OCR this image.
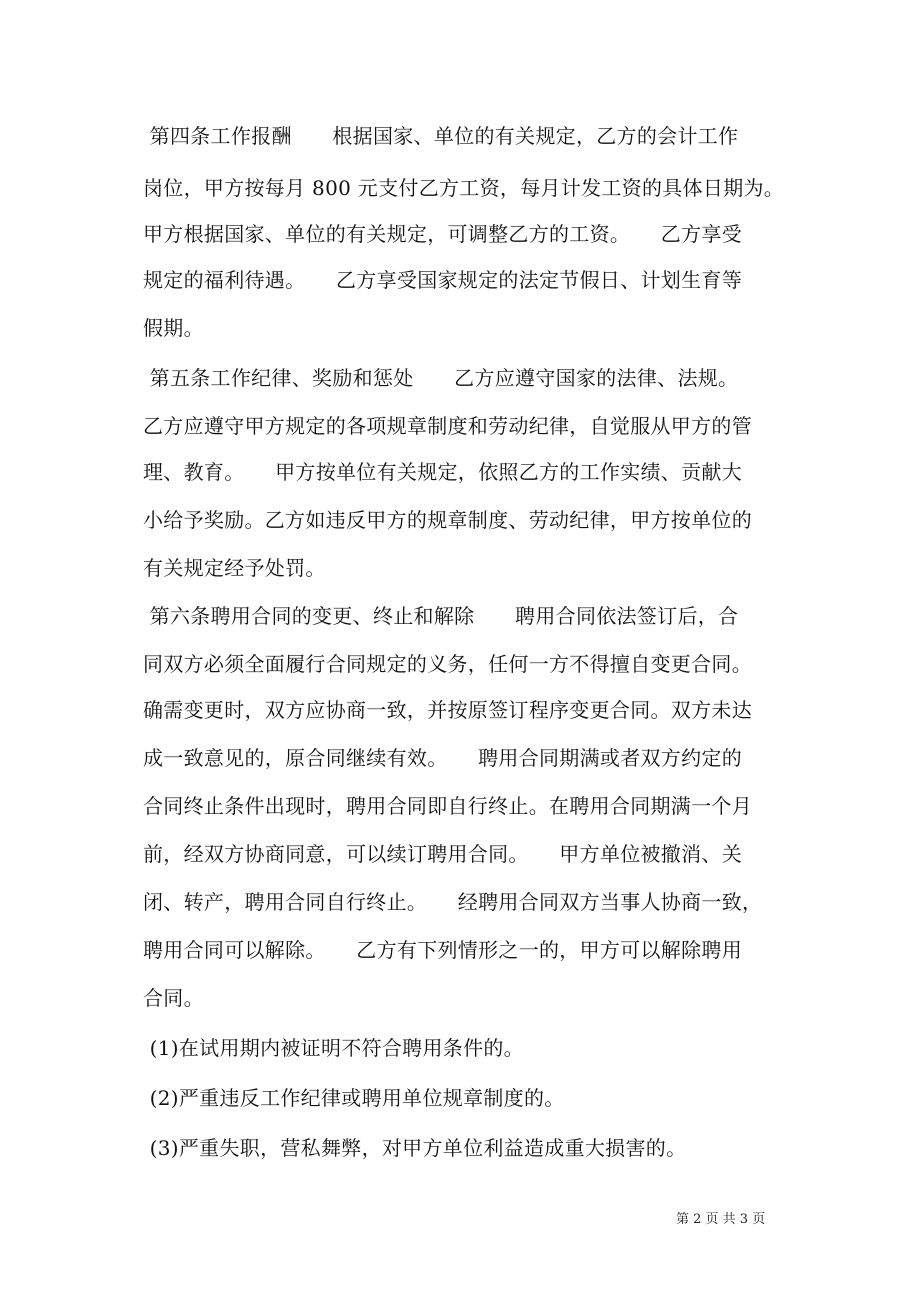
第四条工作报酬　　根据国家、单位的有关规定，乙方的会计工作
岗位，甲方按每月 800 元支付乙方工资，每月计发工资的具体日期为。
甲方根据国家、单位的有关规定，可调整乙方的工资。　　乙方享受
规定的福利待遇。　　乙方享受国家规定的法定节假日、计划生育等
假期。
第五条工作纪律、奖励和惩处　　乙方应遵守国家的法律、法规。
乙方应遵守甲方规定的各项规章制度和劳动纪律，自觉服从甲方的管
理、教育。　　甲方按单位有关规定，依照乙方的工作实绩、贡献大
小给予奖励。乙方如违反甲方的规章制度、劳动纪律，甲方按单位的
有关规定经予处罚。
第六条聘用合同的变更、终止和解除　　聘用合同依法签订后，合
同双方必须全面履行合同规定的义务，任何一方不得擅自变更合同。
确需变更时，双方应协商一致，并按原签订程序变更合同。双方未达
成一致意见的，原合同继续有效。　　聘用合同期满或者双方约定的
合同终止条件出现时，聘用合同即自行终止。在聘用合同期满一个月
前，经双方协商同意，可以续订聘用合同。　　甲方单位被撤消、关
闭、转产，聘用合同自行终止。　　经聘用合同双方当事人协商一致，
聘用合同可以解除。　　乙方有下列情形之一的，甲方可以解除聘用
合同。
(1)在试用期内被证明不符合聘用条件的。
(2)严重违反工作纪律或聘用单位规章制度的。
(3)严重失职，营私舞弊，对甲方单位利益造成重大损害的。
第 2 页 共 3 页
